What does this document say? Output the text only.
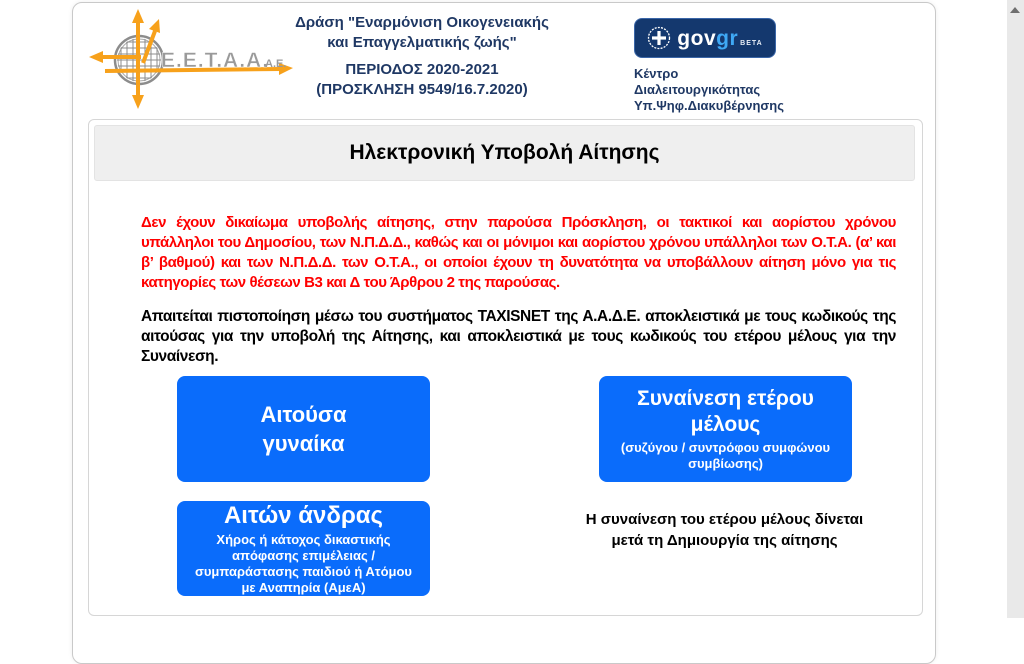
Ε.Ε.Τ.Α.Α.
Α.Ε.
Δράση "Εναρμόνιση Οικογενειακής
και Επαγγελματικής ζωής"
ΠΕΡΙΟΔΟΣ 2020-2021
(ΠΡΟΣΚΛΗΣΗ 9549/16.7.2020)
govgr BETA
Κέντρο
Διαλειτουργικότητας
Υπ.Ψηφ.Διακυβέρνησης
Ηλεκτρονική Υποβολή Αίτησης

Δεν έχουν δικαίωμα υποβολής αίτησης, στην παρούσα Πρόσκληση, οι τακτικοί και αορίστου χρόνου υπάλληλοι του Δημοσίου, των Ν.Π.Δ.Δ., καθώς και οι μόνιμοι και αορίστου χρόνου υπάλληλοι των Ο.Τ.Α. (α’ και β’ βαθμού) και των Ν.Π.Δ.Δ. των Ο.Τ.Α., οι οποίοι έχουν τη δυνατότητα να υποβάλλουν αίτηση μόνο για τις κατηγορίες των θέσεων Β3 και Δ του Άρθρου 2 της παρούσας.

Απαιτείται πιστοποίηση μέσω του συστήματος TAXISNET της Α.Α.Δ.Ε. αποκλειστικά με τους κωδικούς της αιτούσας για την υποβολή της Αίτησης, και αποκλειστικά με τους κωδικούς του ετέρου μέλους για την Συναίνεση.

Αιτούσα
γυναίκα
Συναίνεση ετέρου μέλους
(συζύγου / συντρόφου συμφώνου συμβίωσης)
Αιτών άνδρας
Χήρος ή κάτοχος δικαστικής απόφασης επιμέλειας / συμπαράστασης παιδιού ή Ατόμου με Αναπηρία (ΑμεΑ)
Η συναίνεση του ετέρου μέλους δίνεται
μετά τη Δημιουργία της αίτησης
